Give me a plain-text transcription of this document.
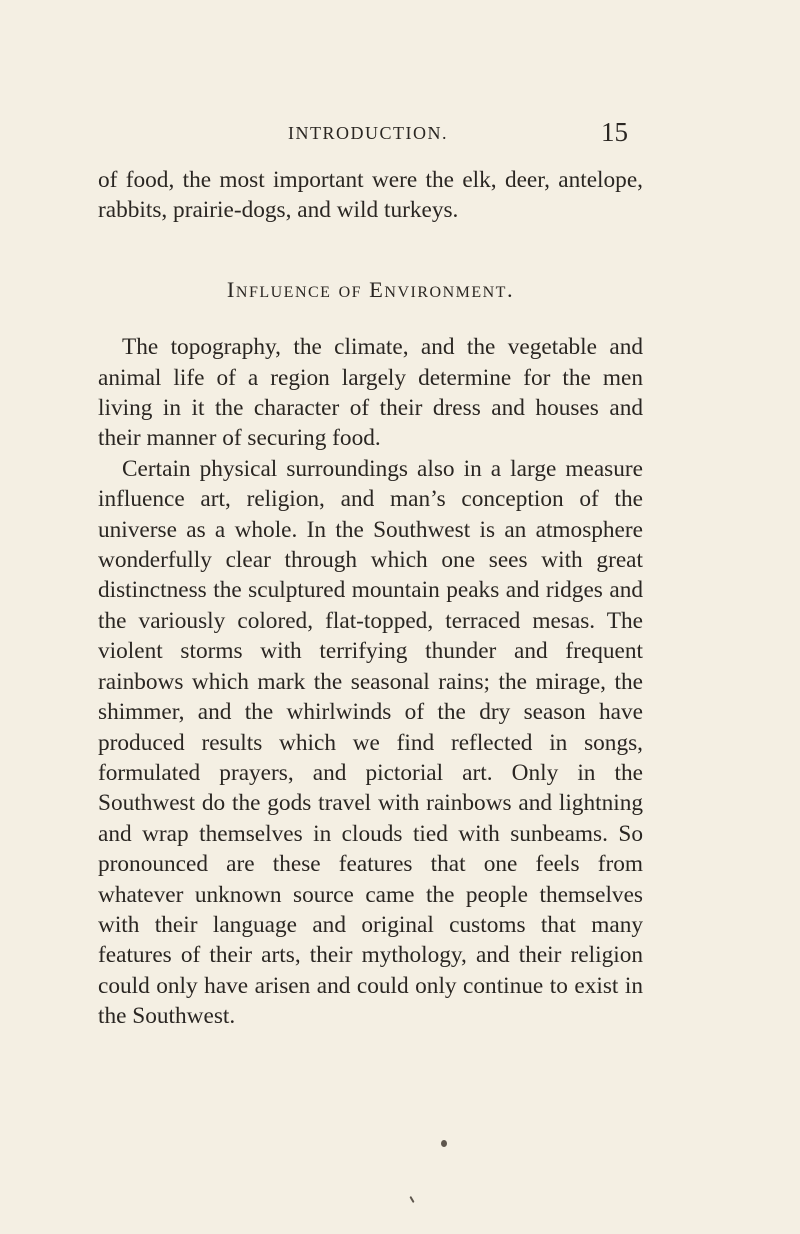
INTRODUCTION.	15

of food, the most important were the elk, deer, antelope, rabbits, prairie-dogs, and wild turkeys.

Influence of Environment.

The topography, the climate, and the vegetable and animal life of a region largely determine for the men living in it the character of their dress and houses and their manner of securing food.

Certain physical surroundings also in a large measure influence art, religion, and man’s conception of the universe as a whole. In the Southwest is an atmosphere wonderfully clear through which one sees with great distinctness the sculptured mountain peaks and ridges and the variously colored, flat-topped, terraced mesas. The violent storms with terrifying thunder and frequent rainbows which mark the seasonal rains; the mirage, the shimmer, and the whirlwinds of the dry season have produced results which we find reflected in songs, formulated prayers, and pictorial art. Only in the Southwest do the gods travel with rainbows and lightning and wrap themselves in clouds tied with sunbeams. So pronounced are these features that one feels from whatever unknown source came the people themselves with their language and original customs that many features of their arts, their mythology, and their religion could only have arisen and could only continue to exist in the Southwest.
